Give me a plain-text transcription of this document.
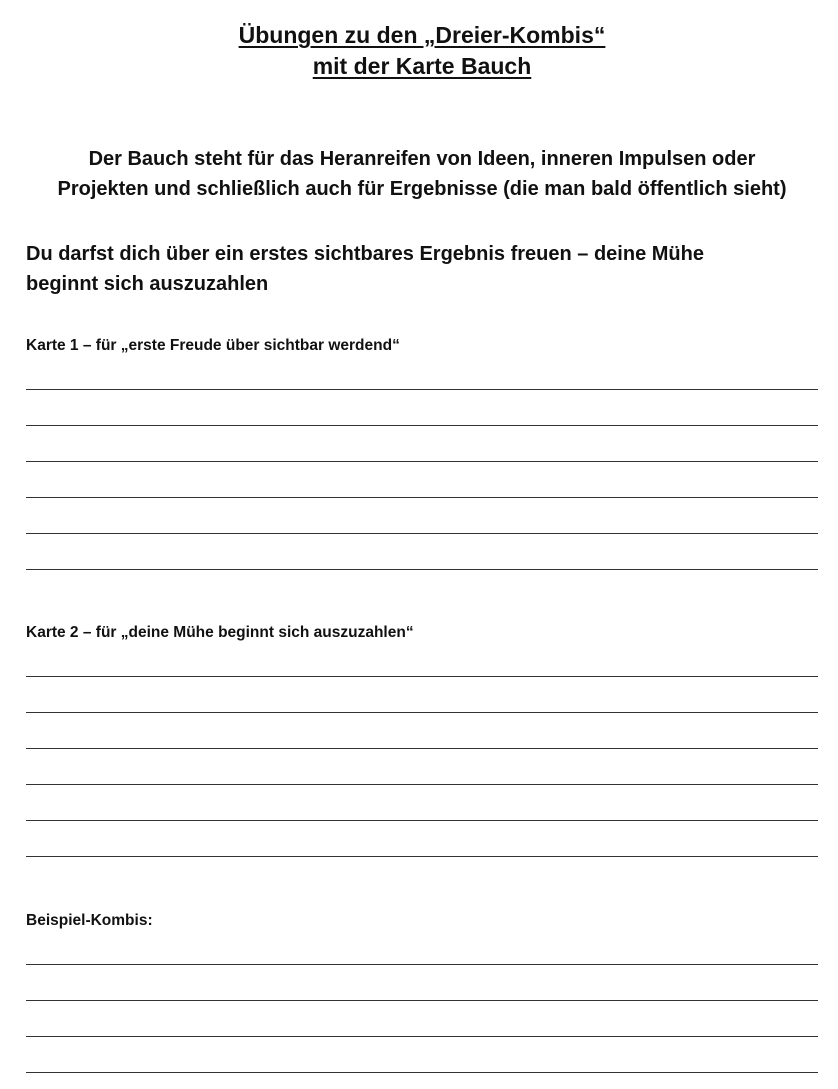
Übungen zu den „Dreier-Kombis“
mit der Karte Bauch

Der Bauch steht für das Heranreifen von Ideen, inneren Impulsen oder
Projekten und schließlich auch für Ergebnisse (die man bald öffentlich sieht)

Du darfst dich über ein erstes sichtbares Ergebnis freuen – deine Mühe
beginnt sich auszuzahlen

Karte 1 – für „erste Freude über sichtbar werdend“

Karte 2 – für „deine Mühe beginnt sich auszuzahlen“

Beispiel-Kombis:
